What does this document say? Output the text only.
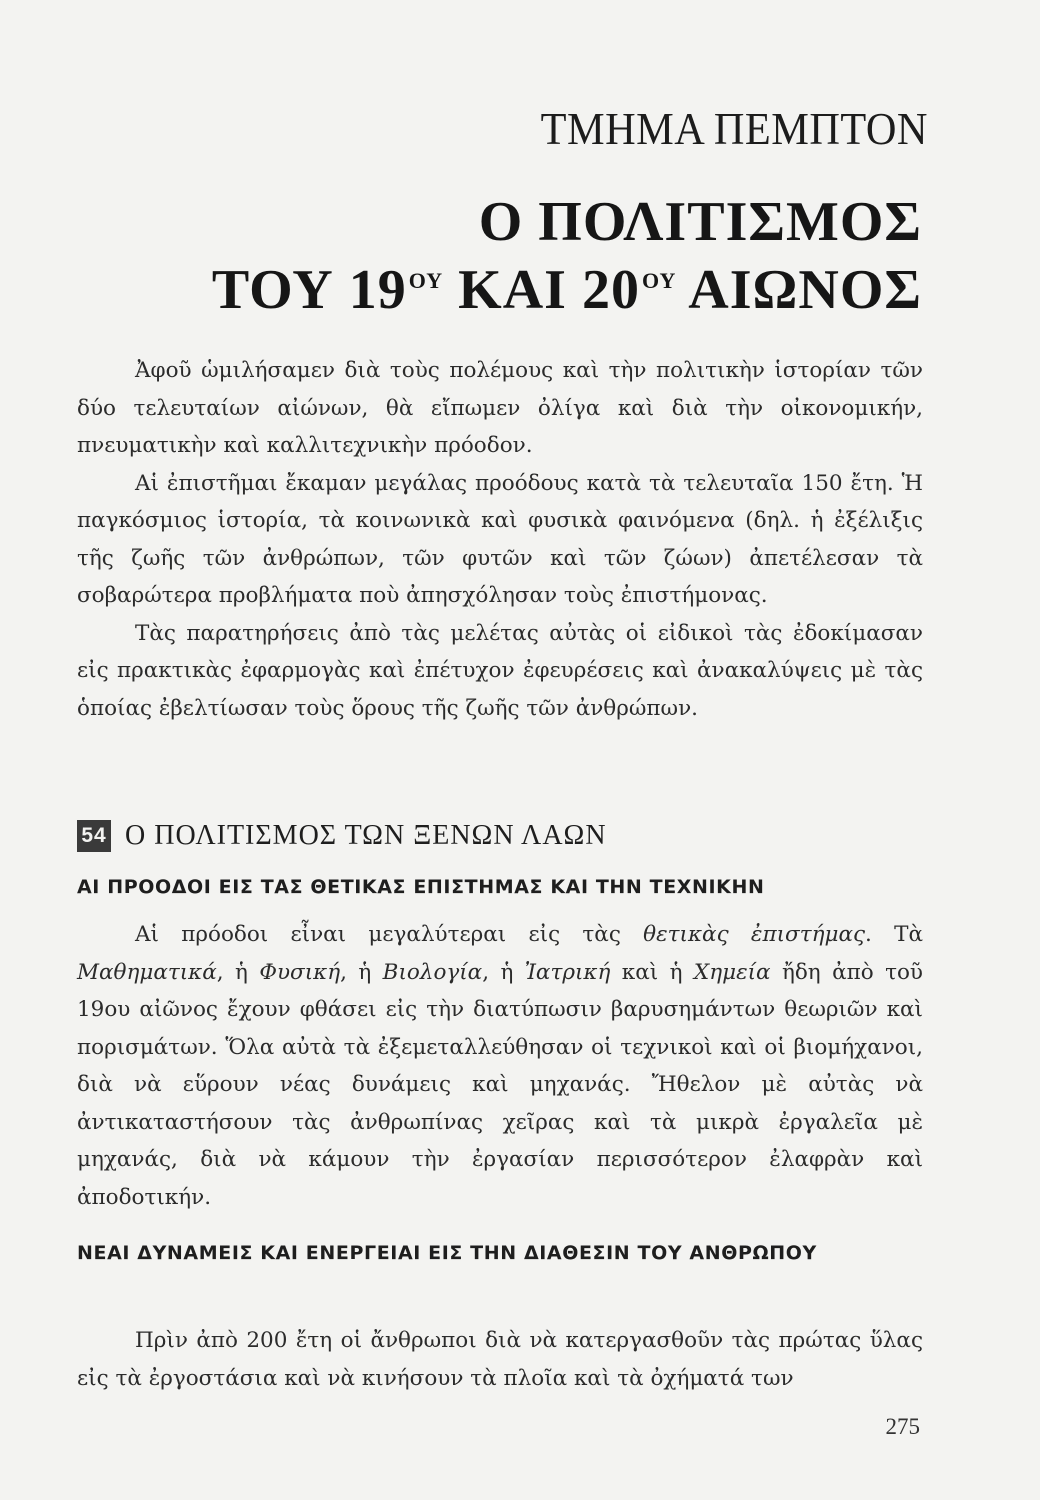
ΤΜΗΜΑ ΠΕΜΠΤΟΝ
Ο ΠΟΛΙΤΙΣΜΟΣ
ΤΟΥ $19^{O\Upsilon}$ ΚΑΙ $20^{O\Upsilon}$ ΑΙΩΝΟΣ

Ἀφοῦ ὡμιλήσαμεν διὰ τοὺς πολέμους καὶ τὴν πολιτικὴν ἱστορίαν τῶν δύο τελευταίων αἰώνων, θὰ εἴπωμεν ὀλίγα καὶ διὰ τὴν οἰκονομικήν, πνευματικὴν καὶ καλλιτεχνικὴν πρόοδον.

Αἱ ἐπιστῆμαι ἔκαμαν μεγάλας προόδους κατὰ τὰ τελευταῖα 150 ἔτη. Ἡ παγκόσμιος ἱστορία, τὰ κοινωνικὰ καὶ φυσικὰ φαινόμενα (δηλ. ἡ ἐξέλιξις τῆς ζωῆς τῶν ἀνθρώπων, τῶν φυτῶν καὶ τῶν ζώων) ἀπετέλεσαν τὰ σοβαρώτερα προβλήματα ποὺ ἀπησχόλησαν τοὺς ἐπιστήμονας.

Τὰς παρατηρήσεις ἀπὸ τὰς μελέτας αὐτὰς οἱ εἰδικοὶ τὰς ἐδοκίμασαν εἰς πρακτικὰς ἐφαρμογὰς καὶ ἐπέτυχον ἐφευρέσεις καὶ ἀνακαλύψεις μὲ τὰς ὁποίας ἐβελτίωσαν τοὺς ὅρους τῆς ζωῆς τῶν ἀνθρώπων.

54 Ο ΠΟΛΙΤΙΣΜΟΣ ΤΩΝ ΞΕΝΩΝ ΛΑΩΝ
ΑΙ ΠΡΟΟΔΟΙ ΕΙΣ ΤΑΣ ΘΕΤΙΚΑΣ ΕΠΙΣΤΗΜΑΣ ΚΑΙ ΤΗΝ ΤΕΧΝΙΚΗΝ

Αἱ πρόοδοι εἶναι μεγαλύτεραι εἰς τὰς θετικὰς ἐπιστήμας. Τὰ Μαθηματικά, ἡ Φυσική, ἡ Βιολογία, ἡ Ἰατρική καὶ ἡ Χημεία ἤδη ἀπὸ τοῦ 19ου αἰῶνος ἔχουν φθάσει εἰς τὴν διατύπωσιν βαρυσημάντων θεωριῶν καὶ πορισμάτων. Ὅλα αὐτὰ τὰ ἐξεμεταλλεύθησαν οἱ τεχνικοὶ καὶ οἱ βιομήχανοι, διὰ νὰ εὕρουν νέας δυνάμεις καὶ μηχανάς. Ἤθελον μὲ αὐτὰς νὰ ἀντικαταστήσουν τὰς ἀνθρωπίνας χεῖρας καὶ τὰ μικρὰ ἐργαλεῖα μὲ μηχανάς, διὰ νὰ κάμουν τὴν ἐργασίαν περισσότερον ἐλαφρὰν καὶ ἀποδοτικήν.

ΝΕΑΙ ΔΥΝΑΜΕΙΣ ΚΑΙ ΕΝΕΡΓΕΙΑΙ ΕΙΣ ΤΗΝ ΔΙΑΘΕΣΙΝ ΤΟΥ ΑΝΘΡΩΠΟΥ

Πρὶν ἀπὸ 200 ἔτη οἱ ἄνθρωποι διὰ νὰ κατεργασθοῦν τὰς πρώτας ὕλας εἰς τὰ ἐργοστάσια καὶ νὰ κινήσουν τὰ πλοῖα καὶ τὰ ὀχήματά των

275
